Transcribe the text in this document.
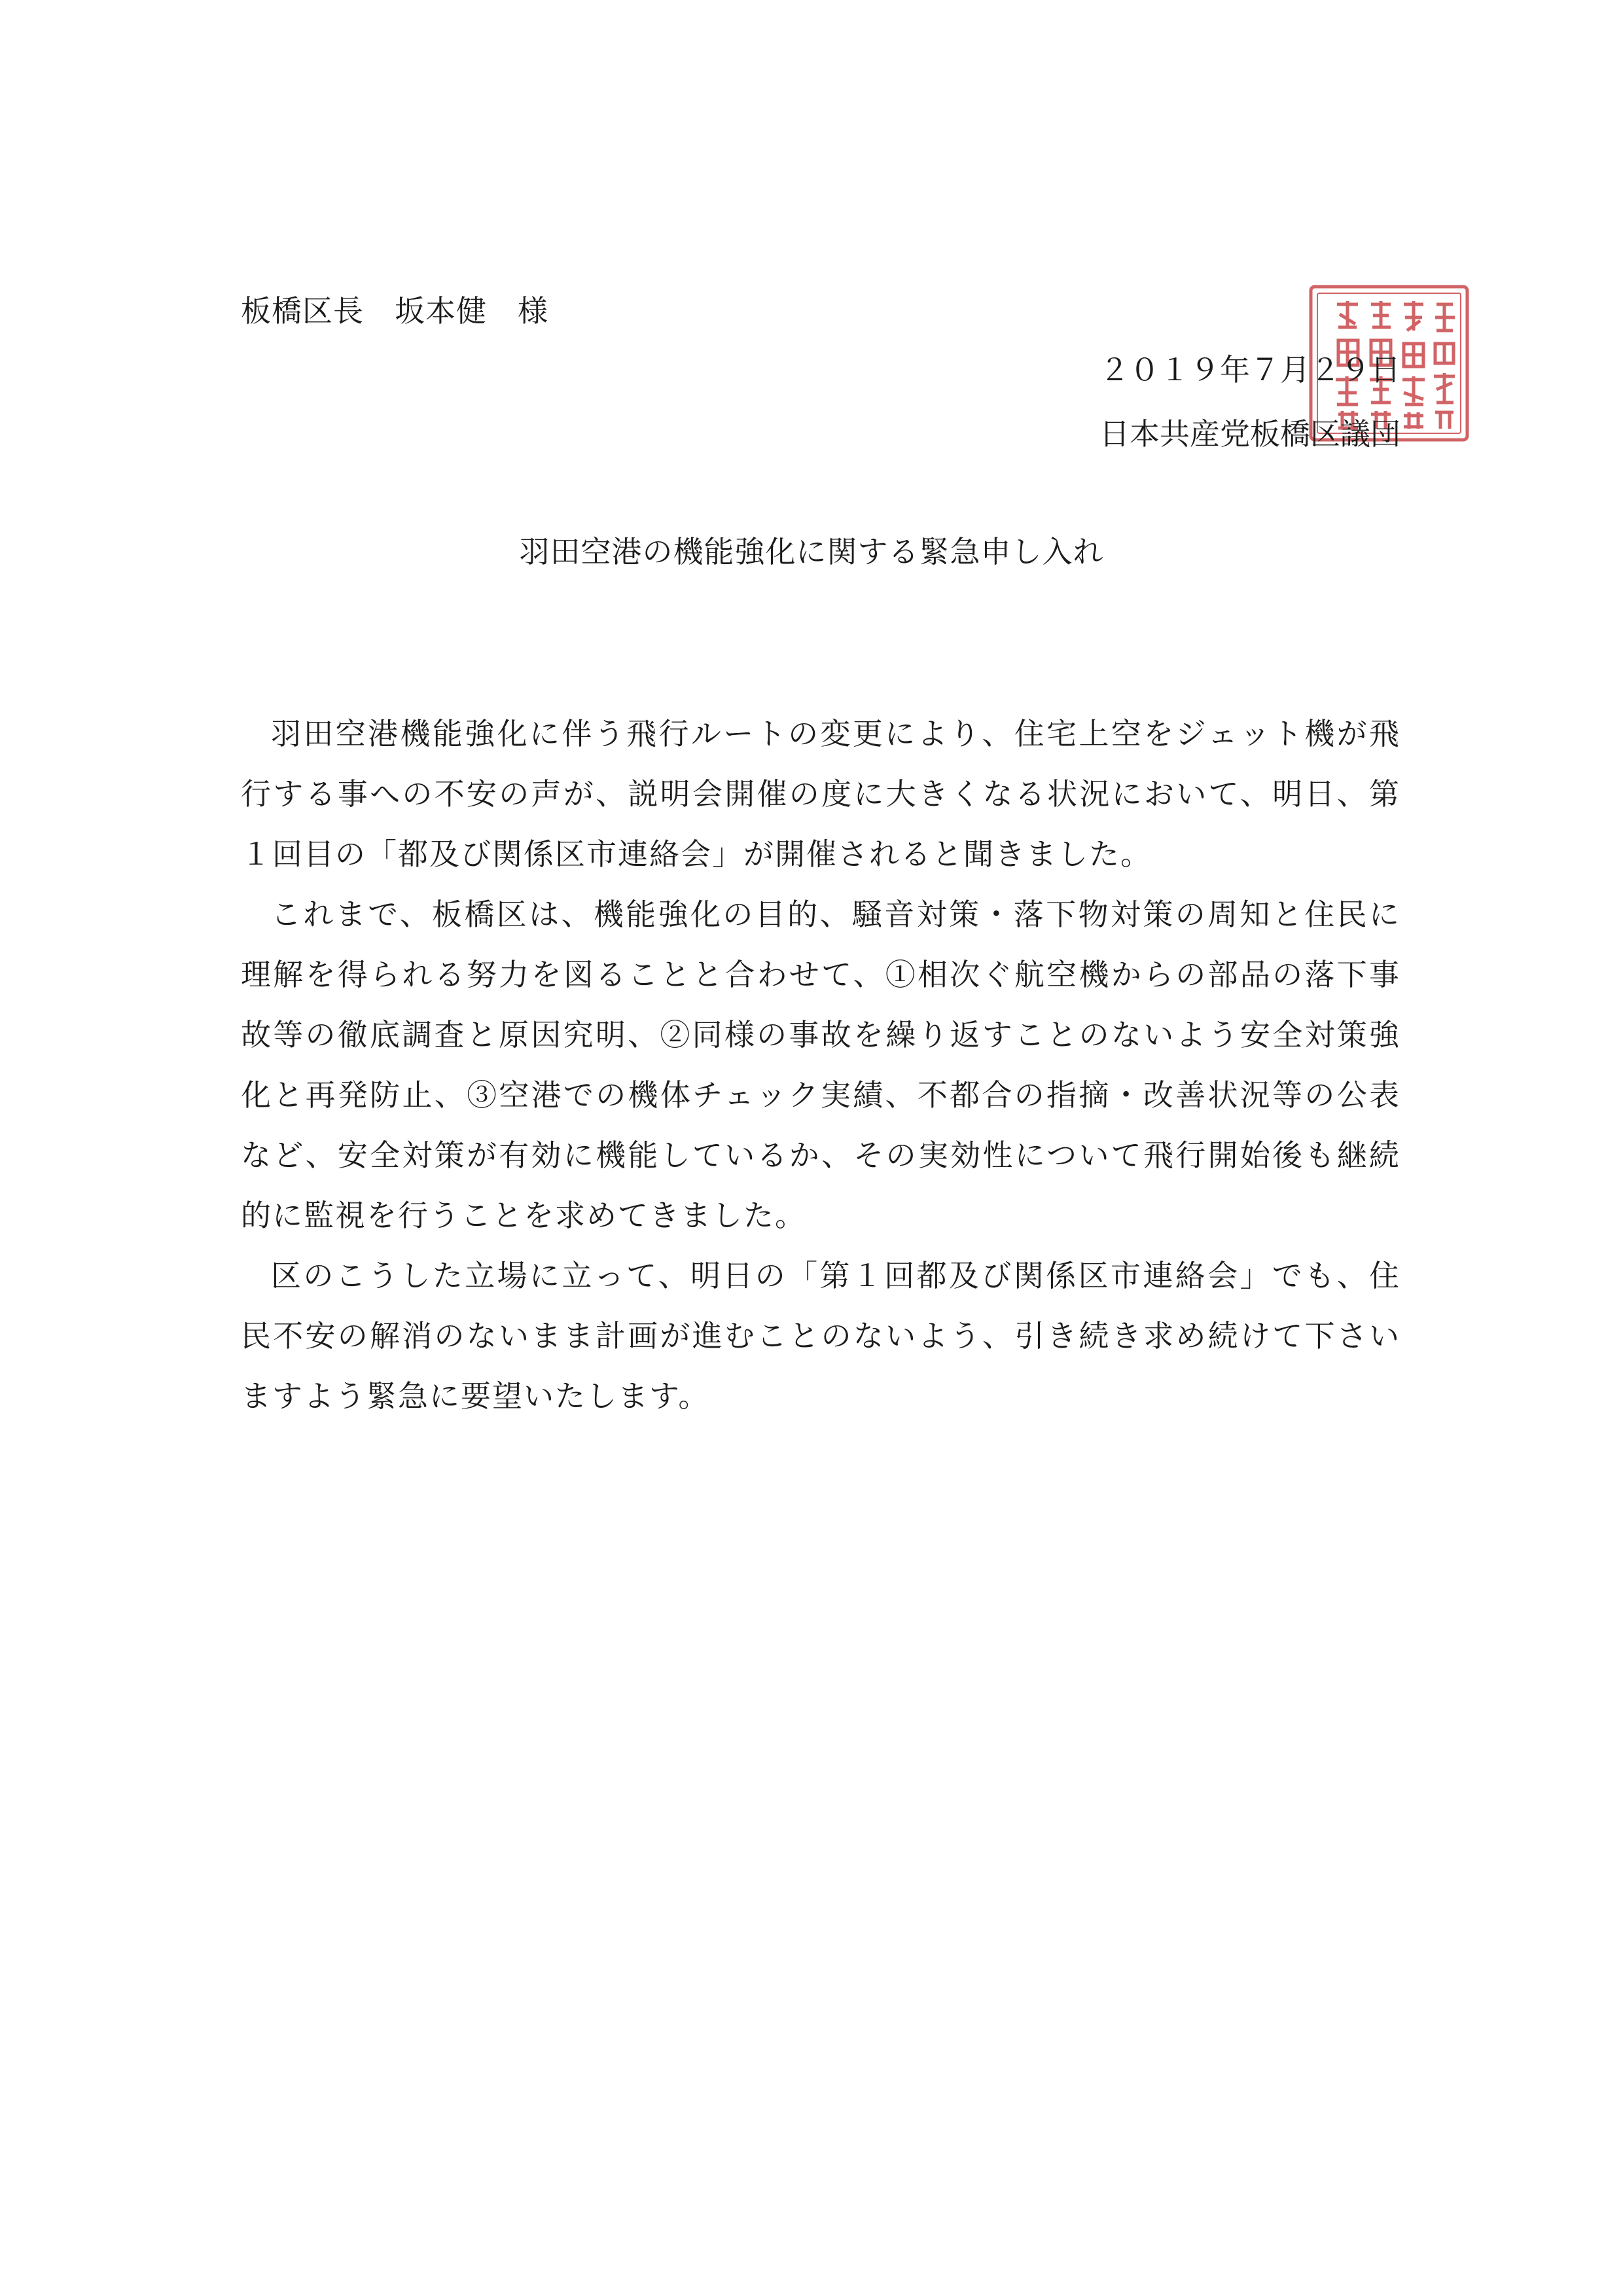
板橋区長　坂本健　様
２０１９年７月２９日
日本共産党板橋区議団
羽田空港の機能強化に関する緊急申し入れ

羽田空港機能強化に伴う飛行ルートの変更により、住宅上空をジェット機が飛行する事への不安の声が、説明会開催の度に大きくなる状況において、明日、第１回目の「都及び関係区市連絡会」が開催されると聞きました。

これまで、板橋区は、機能強化の目的、騒音対策・落下物対策の周知と住民に理解を得られる努力を図ることと合わせて、①相次ぐ航空機からの部品の落下事故等の徹底調査と原因究明、②同様の事故を繰り返すことのないよう安全対策強化と再発防止、③空港での機体チェック実績、不都合の指摘・改善状況等の公表など、安全対策が有効に機能しているか、その実効性について飛行開始後も継続的に監視を行うことを求めてきました。

区のこうした立場に立って、明日の「第１回都及び関係区市連絡会」でも、住民不安の解消のないまま計画が進むことのないよう、引き続き求め続けて下さいますよう緊急に要望いたします。
